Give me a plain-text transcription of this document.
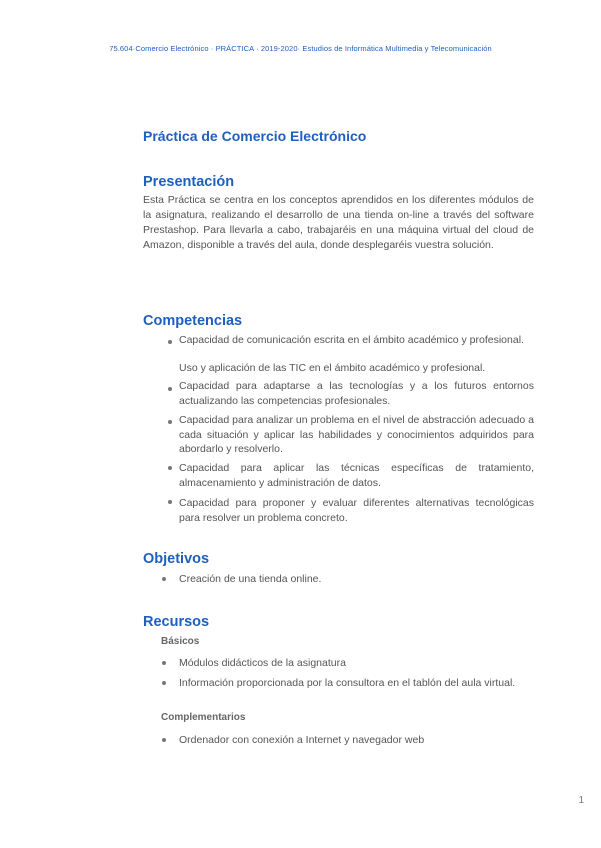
75.604·Comercio Electrónico · PRÁCTICA · 2019-2020· Estudios de Informática Multimedia y Telecomunicación
Práctica de Comercio Electrónico
Presentación

Esta Práctica se centra en los conceptos aprendidos en los diferentes módulos de la asignatura, realizando el desarrollo de una tienda on-line a través del software Prestashop. Para llevarla a cabo, trabajaréis en una máquina virtual del cloud de Amazon, disponible a través del aula, donde desplegaréis vuestra solución.

Competencias
Capacidad de comunicación escrita en el ámbito académico y profesional.
Uso y aplicación de las TIC en el ámbito académico y profesional.
Capacidad para adaptarse a las tecnologías y a los futuros entornos actualizando las competencias profesionales.
Capacidad para analizar un problema en el nivel de abstracción adecuado a cada situación y aplicar las habilidades y conocimientos adquiridos para abordarlo y resolverlo.
Capacidad para aplicar las técnicas específicas de tratamiento, almacenamiento y administración de datos.
Capacidad para proponer y evaluar diferentes alternativas tecnológicas para resolver un problema concreto.
Objetivos
Creación de una tienda online.
Recursos
Básicos
Módulos didácticos de la asignatura
Información proporcionada por la consultora en el tablón del aula virtual.
Complementarios
Ordenador con conexión a Internet y navegador web
1
